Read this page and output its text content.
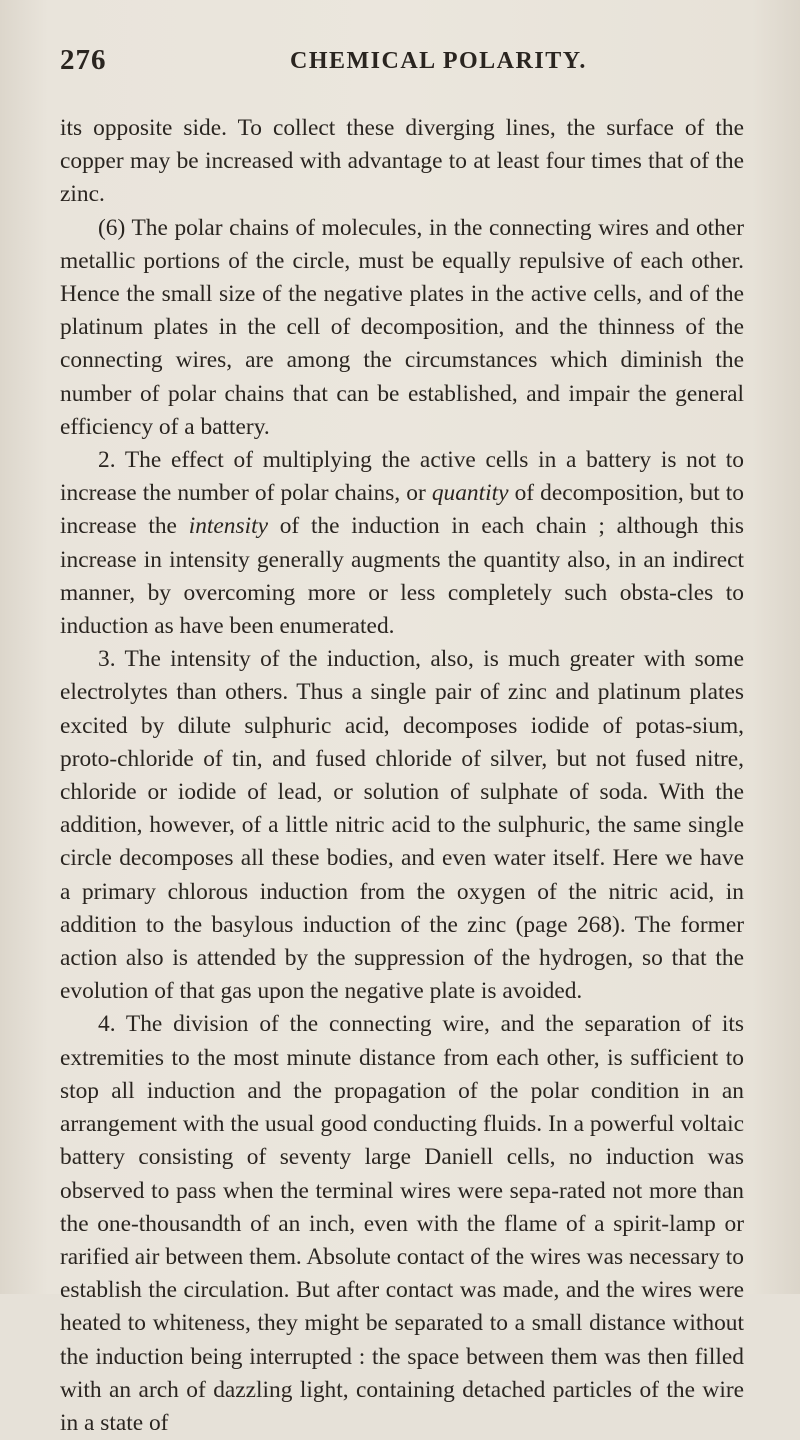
276	CHEMICAL POLARITY.

its opposite side. To collect these diverging lines, the surface of the copper may be increased with advantage to at least four times that of the zinc.

(6) The polar chains of molecules, in the connecting wires and other metallic portions of the circle, must be equally repulsive of each other. Hence the small size of the negative plates in the active cells, and of the platinum plates in the cell of decomposition, and the thinness of the connecting wires, are among the circumstances which diminish the number of polar chains that can be established, and impair the general efficiency of a battery.

2. The effect of multiplying the active cells in a battery is not to increase the number of polar chains, or quantity of decomposition, but to increase the intensity of the induction in each chain ; although this increase in intensity generally augments the quantity also, in an indirect manner, by overcoming more or less completely such obsta-cles to induction as have been enumerated.

3. The intensity of the induction, also, is much greater with some electrolytes than others. Thus a single pair of zinc and platinum plates excited by dilute sulphuric acid, decomposes iodide of potas-sium, proto-chloride of tin, and fused chloride of silver, but not fused nitre, chloride or iodide of lead, or solution of sulphate of soda. With the addition, however, of a little nitric acid to the sulphuric, the same single circle decomposes all these bodies, and even water itself. Here we have a primary chlorous induction from the oxygen of the nitric acid, in addition to the basylous induction of the zinc (page 268). The former action also is attended by the suppression of the hydrogen, so that the evolution of that gas upon the negative plate is avoided.

4. The division of the connecting wire, and the separation of its extremities to the most minute distance from each other, is sufficient to stop all induction and the propagation of the polar condition in an arrangement with the usual good conducting fluids. In a powerful voltaic battery consisting of seventy large Daniell cells, no induction was observed to pass when the terminal wires were sepa-rated not more than the one-thousandth of an inch, even with the flame of a spirit-lamp or rarified air between them. Absolute contact of the wires was necessary to establish the circulation. But after contact was made, and the wires were heated to whiteness, they might be separated to a small distance without the induction being interrupted : the space between them was then filled with an arch of dazzling light, containing detached particles of the wire in a state of
